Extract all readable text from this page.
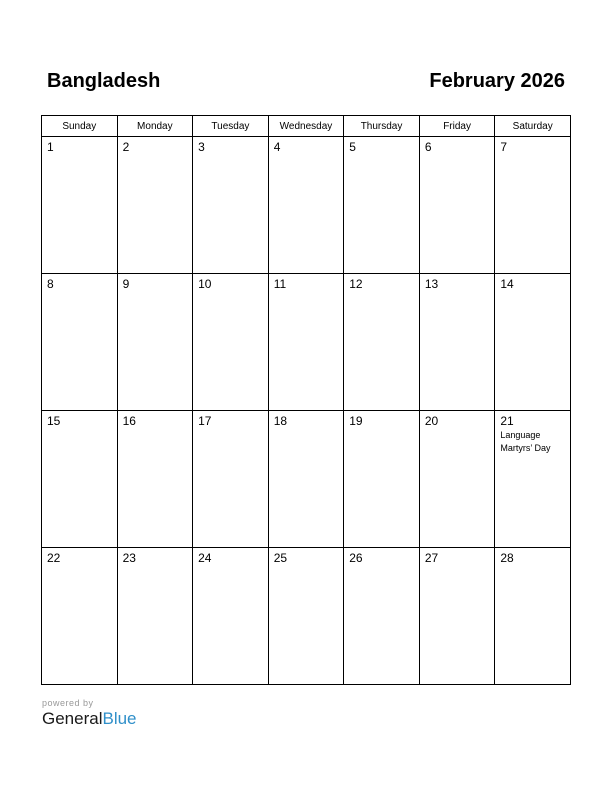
Bangladesh	February 2026
Sunday	Monday	Tuesday	Wednesday	Thursday	Friday	Saturday

1	2	3	4	5	6	7

8	9	10	11	12	13	14

15	16	17	18	19	20	21
Language Martyrs’ Day

22	23	24	25	26	27	28
powered by
GeneralBlue
